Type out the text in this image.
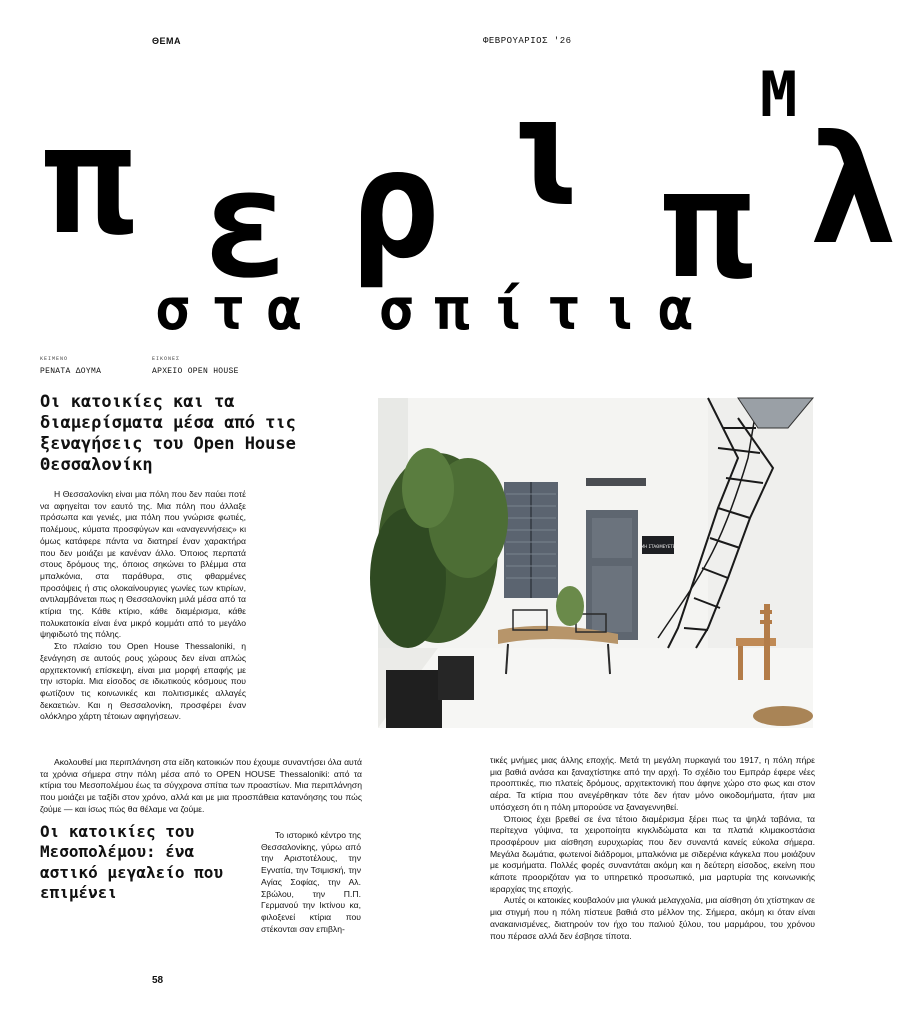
ΘΕΜΑ	ΦΕΒΡΟΥΑΡΙΟΣ '26
π ε ρ ι π λ
Μ
στα σπίτια
ΚΕΙΜΕΝΟ
ΡΕΝΑΤΑ ΔΟΥΜΑ
ΕΙΚΟΝΕΣ
ΑΡΧΕΙΟ OPEN HOUSE
Οι κατοικίες και τα διαμερίσματα μέσα από τις ξεναγήσεις του Open House Θεσσαλονίκη

Η Θεσσαλονίκη είναι μια πόλη που δεν παύει ποτέ να αφηγείται τον εαυτό της. Μια πόλη που άλλαξε πρόσωπα και γενιές, μια πόλη που γνώρισε φωτιές, πολέμους, κύματα προσφύγων και «αναγεννήσεις» κι όμως κατάφερε πάντα να διατηρεί έναν χαρακτήρα που δεν μοιάζει με κανέναν άλλο. Όποιος περπατά στους δρόμους της, όποιος σηκώνει το βλέμμα στα μπαλκόνια, στα παράθυρα, στις φθαρμένες προσόψεις ή στις ολοκαίνουργιες γωνίες των κτιρίων, αντιλαμβάνεται πως η Θεσσαλονίκη μιλά μέσα από τα κτίρια της. Κάθε κτίριο, κάθε διαμέρισμα, κάθε πολυκατοικία είναι ένα μικρό κομμάτι από το μεγάλο ψηφιδωτό της πόλης.

Στο πλαίσιο του Open House Thessaloniki, η ξενάγηση σε αυτούς ρους χώρους δεν είναι απλώς αρχιτεκτονική επίσκεψη, είναι μια μορφή επαφής με την ιστορία. Μια είσοδος σε ιδιωτικούς κόσμους που φωτίζουν τις κοινωνικές και πολιτισμικές αλλαγές δεκαετιών. Και η Θεσσαλονίκη, προσφέρει έναν ολόκληρο χάρτη τέτοιων αφηγήσεων.

Ακολουθεί μια περιπλάνηση στα είδη κατοικιών που έχουμε συναντήσει όλα αυτά τα χρόνια σήμερα στην πόλη μέσα από το OPEN HOUSE Thessaloniki: από τα κτίρια του Μεσοπολέμου έως τα σύγχρονα σπίτια των προαστίων. Μια περιπλάνηση που μοιάζει με ταξίδι στον χρόνο, αλλά και με μια προσπάθεια κατανόησης του πώς ζούμε — και ίσως πώς θα θέλαμε να ζούμε.

Οι κατοικίες του Μεσοπολέμου: ένα αστικό μεγαλείο που επιμένει

Το ιστορικό κέντρο της Θεσσαλονίκης, γύρω από την Αριστοτέλους, την Εγνατία, την Τσιμισκή, την Αγίας Σοφίας, την Αλ. Σβώλου, την Π.Π. Γερμανού την Ικτίνου κα, φιλοξενεί κτίρια που στέκονται σαν επιβλη-

τικές μνήμες μιας άλλης εποχής. Μετά τη μεγάλη πυρκαγιά του 1917, η πόλη πήρε μια βαθιά ανάσα και ξαναχτίστηκε από την αρχή. Το σχέδιο του Εμπράρ έφερε νέες προοπτικές, πιο πλατείς δρόμους, αρχιτεκτονική που άφηνε χώρο στο φως και στον αέρα. Τα κτίρια που ανεγέρθηκαν τότε δεν ήταν μόνο οικοδομήματα, ήταν μια υπόσχεση ότι η πόλη μπορούσε να ξαναγεννηθεί.

Όποιος έχει βρεθεί σε ένα τέτοιο διαμέρισμα ξέρει πως τα ψηλά ταβάνια, τα περίτεχνα γύψινα, τα χειροποίητα κιγκλιδώματα και τα πλατιά κλιμακοστάσια προσφέρουν μια αίσθηση ευρυχωρίας που δεν συναντά κανείς εύκολα σήμερα. Μεγάλα δωμάτια, φωτεινοί διάδρομοι, μπαλκόνια με σιδερένια κάγκελα που μοιάζουν με κοσμήματα. Πολλές φορές συναντάται ακόμη και η δεύτερη είσοδος, εκείνη που κάποτε προοριζόταν για το υπηρετικό προσωπικό, μια μαρτυρία της κοινωνικής ιεραρχίας της εποχής.

Αυτές οι κατοικίες κουβαλούν μια γλυκιά μελαγχολία, μια αίσθηση ότι χτίστηκαν σε μια στιγμή που η πόλη πίστευε βαθιά στο μέλλον της. Σήμερα, ακόμη κι όταν είναι ανακαινισμένες, διατηρούν τον ήχο του παλιού ξύλου, του μαρμάρου, του χρόνου που πέρασε αλλά δεν έσβησε τίποτα.

ΜΗ ΣΤΑΘΜΕΥΕΤΕ
58
